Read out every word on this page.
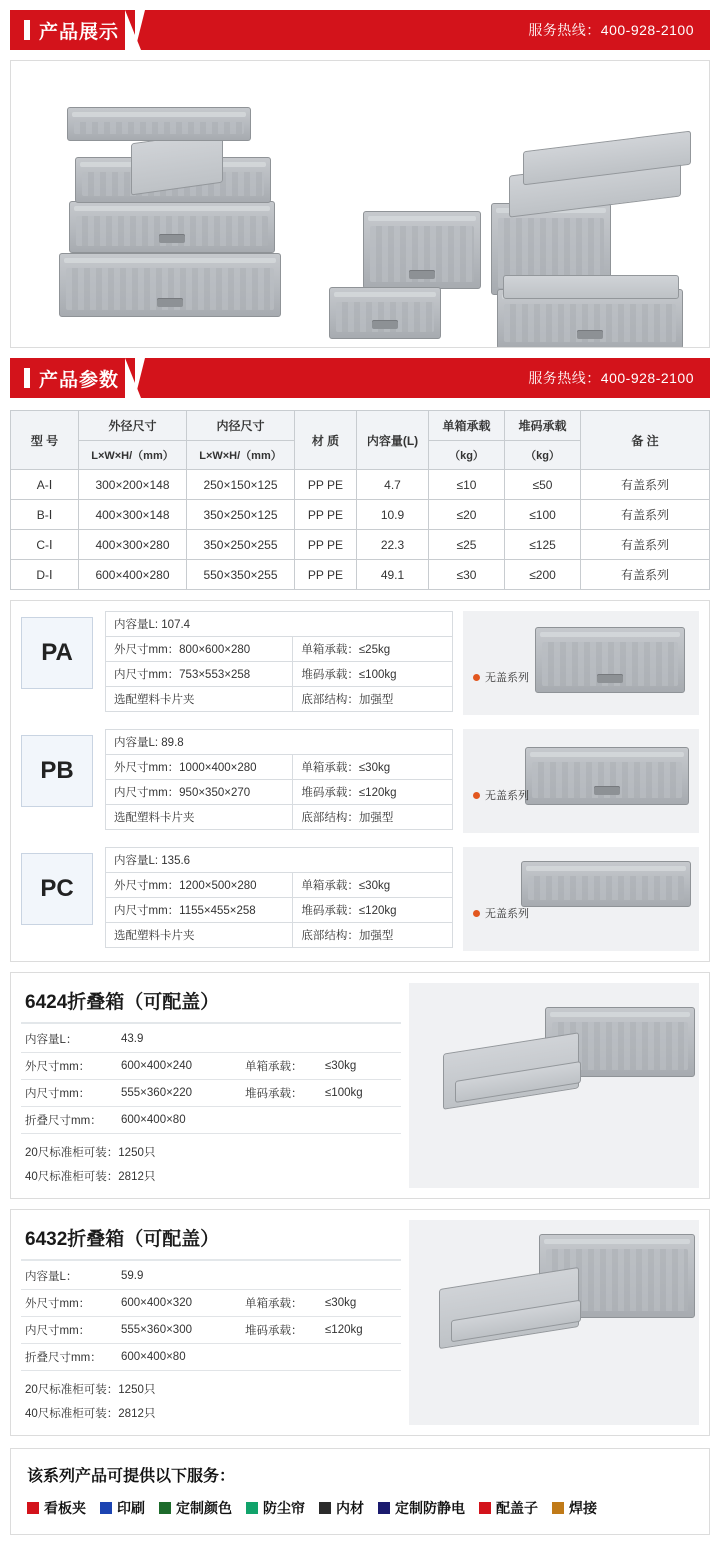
产品展示	服务热线：400-928-2100
产品参数	服务热线：400-928-2100
型 号	外径尺寸	内径尺寸	材 质	内容量(L)	单箱承载	堆码承载	备 注
	L×W×H/（mm）	L×W×H/（mm）			（kg）	（kg）	
A-Ⅰ	300×200×148	250×150×125	PP PE	4.7	≤10	≤50	有盖系列
B-Ⅰ	400×300×148	350×250×125	PP PE	10.9	≤20	≤100	有盖系列
C-Ⅰ	400×300×280	350×250×255	PP PE	22.3	≤25	≤125	有盖系列
D-Ⅰ	600×400×280	550×350×255	PP PE	49.1	≤30	≤200	有盖系列
PA
内容量L: 107.4	
外尺寸mm：800×600×280	单箱承载：≤25kg
内尺寸mm：753×553×258	堆码承载：≤100kg
选配塑料卡片夹	底部结构：加强型
无盖系列
PB
内容量L: 89.8	
外尺寸mm：1000×400×280	单箱承载：≤30kg
内尺寸mm：950×350×270	堆码承载：≤120kg
选配塑料卡片夹	底部结构：加强型
无盖系列
PC
内容量L: 135.6	
外尺寸mm：1200×500×280	单箱承载：≤30kg
内尺寸mm：1155×455×258	堆码承载：≤120kg
选配塑料卡片夹	底部结构：加强型
无盖系列
6424折叠箱（可配盖）
内容量L：	43.9		
外尺寸mm：	600×400×240	单箱承载：	≤30kg
内尺寸mm：	555×360×220	堆码承载：	≤100kg
折叠尺寸mm：	600×400×80		
20尺标准柜可装：1250只
40尺标准柜可装：2812只
6432折叠箱（可配盖）
内容量L：	59.9		
外尺寸mm：	600×400×320	单箱承载：	≤30kg
内尺寸mm：	555×360×300	堆码承载：	≤120kg
折叠尺寸mm：	600×400×80		
20尺标准柜可装：1250只
40尺标准柜可装：2812只
该系列产品可提供以下服务：
看板夹 印刷 定制颜色 防尘帘 内材 定制防静电 配盖子 焊接
